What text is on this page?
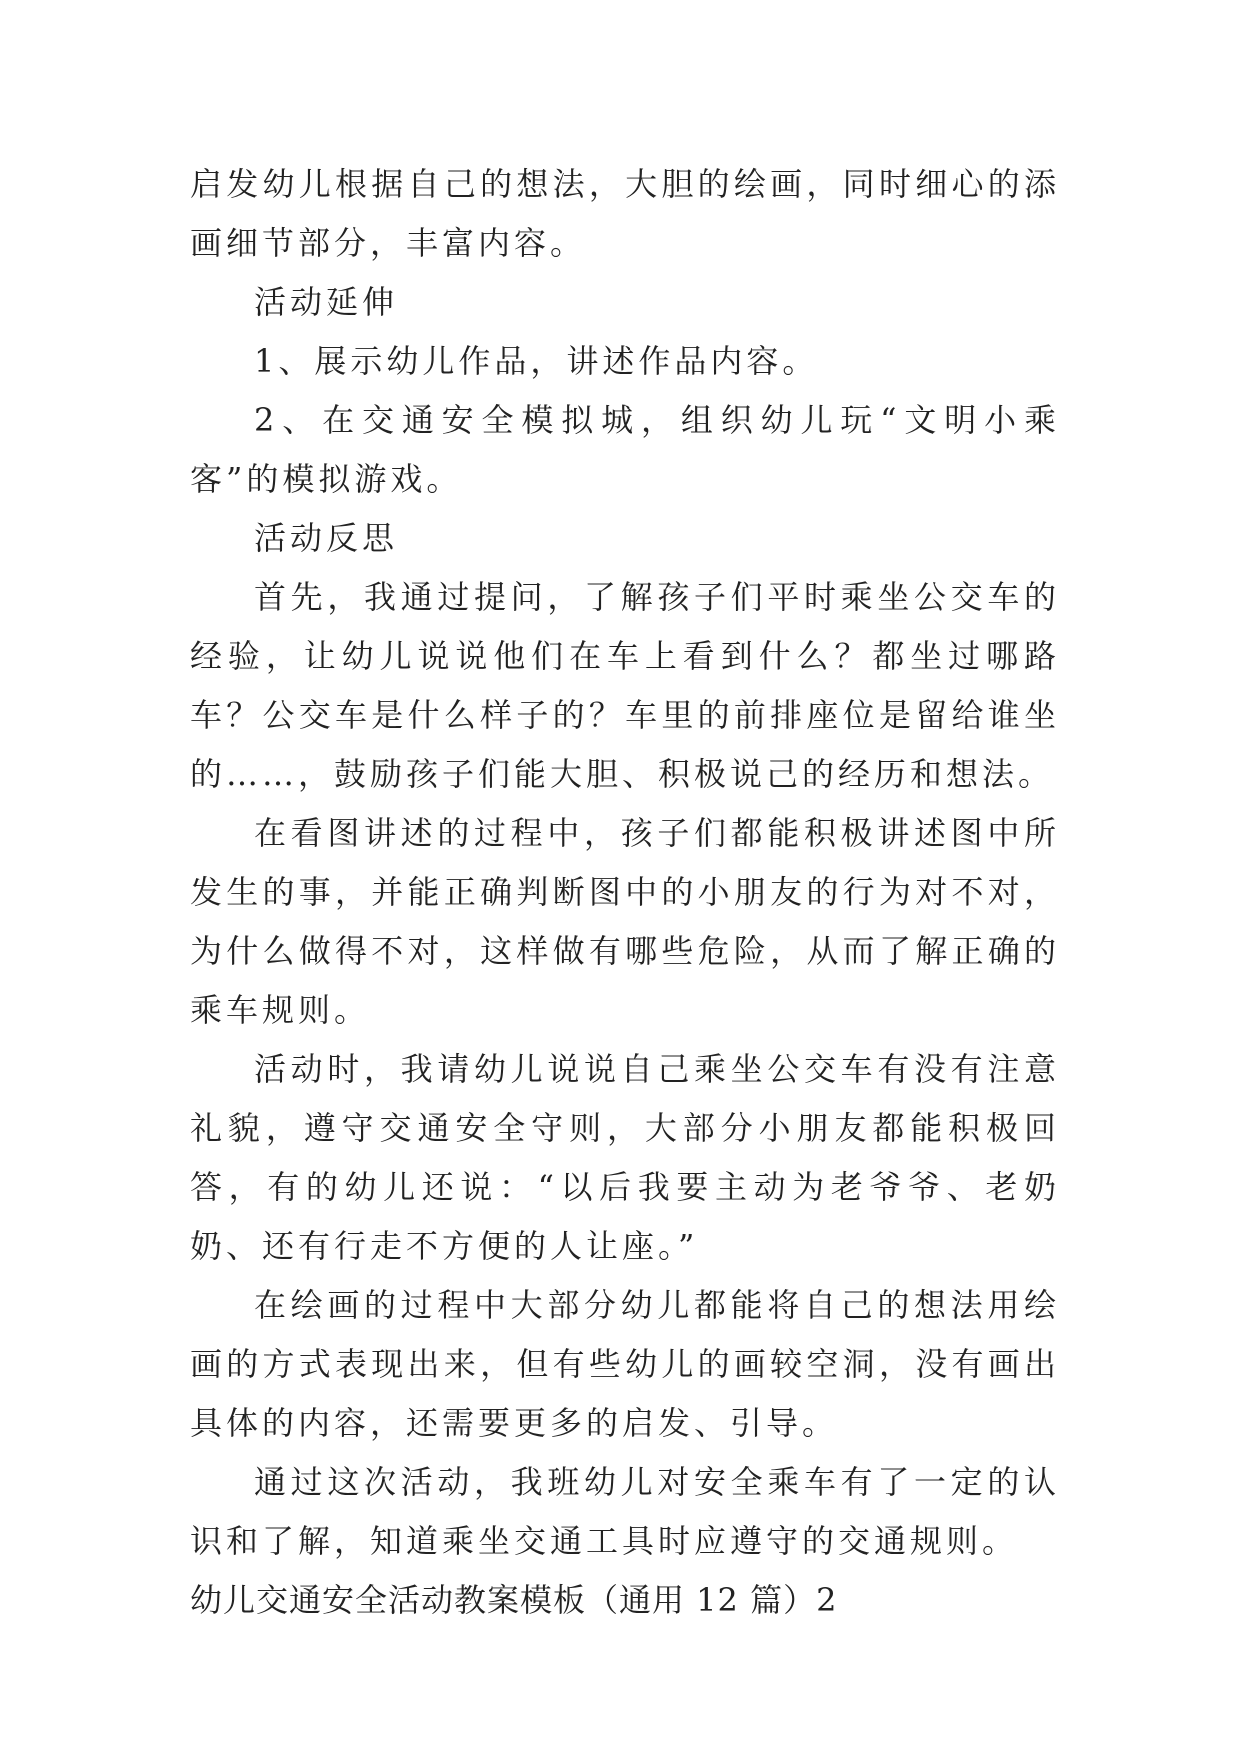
启发幼儿根据自己的想法，大胆的绘画，同时细心的添画细节部分，丰富内容。

活动延伸

1、展示幼儿作品，讲述作品内容。

2、在交通安全模拟城，组织幼儿玩“文明小乘客”的模拟游戏。

活动反思

首先，我通过提问，了解孩子们平时乘坐公交车的经验，让幼儿说说他们在车上看到什么？都坐过哪路车？公交车是什么样子的？车里的前排座位是留给谁坐的……，鼓励孩子们能大胆、积极说己的经历和想法。

在看图讲述的过程中，孩子们都能积极讲述图中所发生的事，并能正确判断图中的小朋友的行为对不对，为什么做得不对，这样做有哪些危险，从而了解正确的乘车规则。

活动时，我请幼儿说说自己乘坐公交车有没有注意礼貌，遵守交通安全守则，大部分小朋友都能积极回答，有的幼儿还说：“以后我要主动为老爷爷、老奶奶、还有行走不方便的人让座。”

在绘画的过程中大部分幼儿都能将自己的想法用绘画的方式表现出来，但有些幼儿的画较空洞，没有画出具体的内容，还需要更多的启发、引导。

通过这次活动，我班幼儿对安全乘车有了一定的认识和了解，知道乘坐交通工具时应遵守的交通规则。

幼儿交通安全活动教案模板（通用 12 篇）2
